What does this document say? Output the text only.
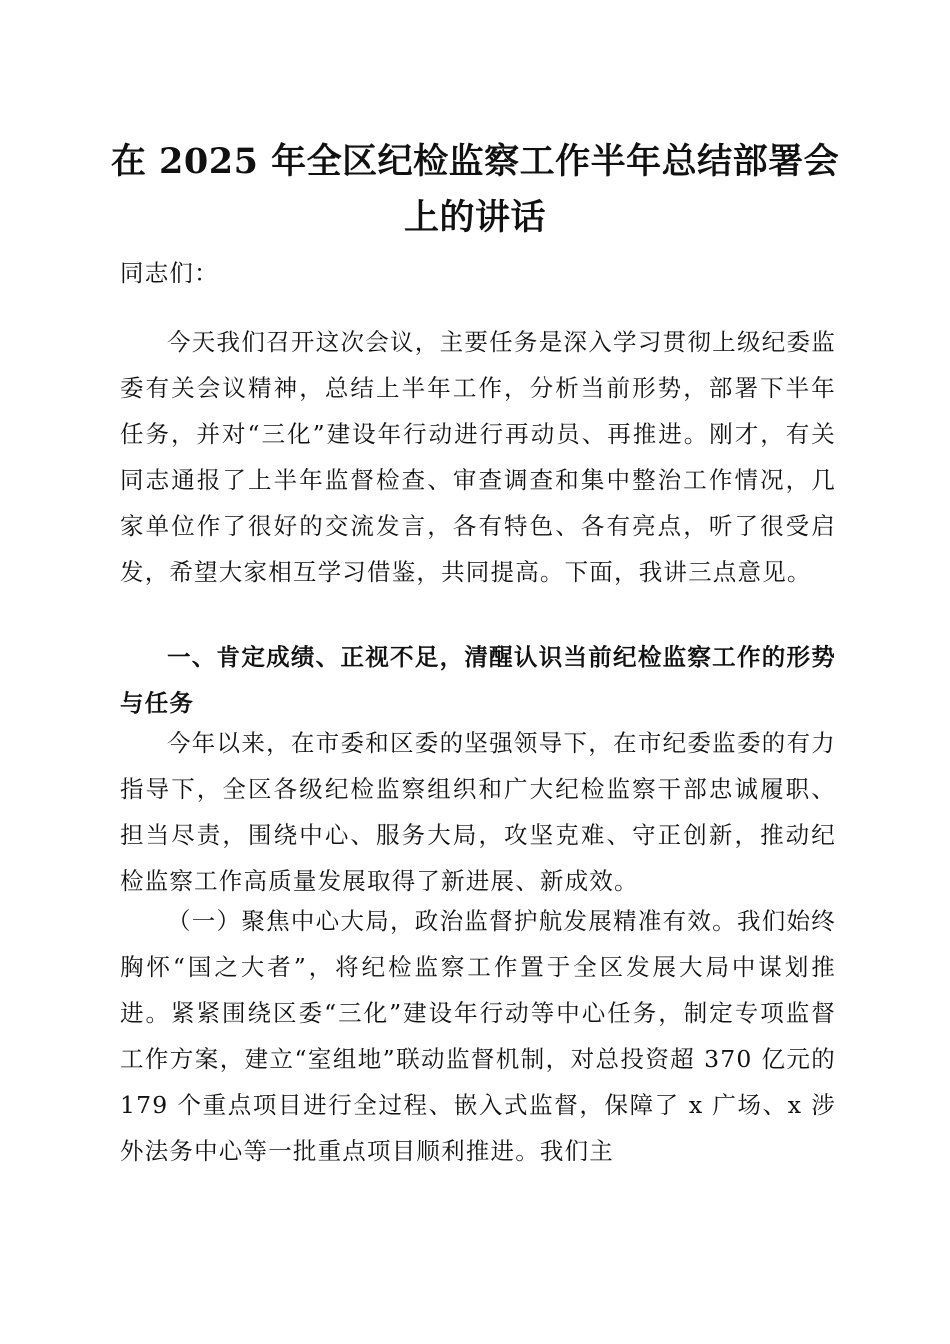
在 2025 年全区纪检监察工作半年总结部署会上的讲话
同志们：
今天我们召开这次会议，主要任务是深入学习贯彻上级纪委监委有关会议精神，总结上半年工作，分析当前形势，部署下半年任务，并对“三化”建设年行动进行再动员、再推进。刚才，有关同志通报了上半年监督检查、审查调查和集中整治工作情况，几家单位作了很好的交流发言，各有特色、各有亮点，听了很受启发，希望大家相互学习借鉴，共同提高。下面，我讲三点意见。
一、肯定成绩、正视不足，清醒认识当前纪检监察工作的形势与任务
今年以来，在市委和区委的坚强领导下，在市纪委监委的有力指导下，全区各级纪检监察组织和广大纪检监察干部忠诚履职、担当尽责，围绕中心、服务大局，攻坚克难、守正创新，推动纪检监察工作高质量发展取得了新进展、新成效。
（一）聚焦中心大局，政治监督护航发展精准有效。我们始终胸怀“国之大者”，将纪检监察工作置于全区发展大局中谋划推进。紧紧围绕区委“三化”建设年行动等中心任务，制定专项监督工作方案，建立“室组地”联动监督机制，对总投资超 370 亿元的 179 个重点项目进行全过程、嵌入式监督，保障了 x 广场、x 涉外法务中心等一批重点项目顺利推进。我们主
